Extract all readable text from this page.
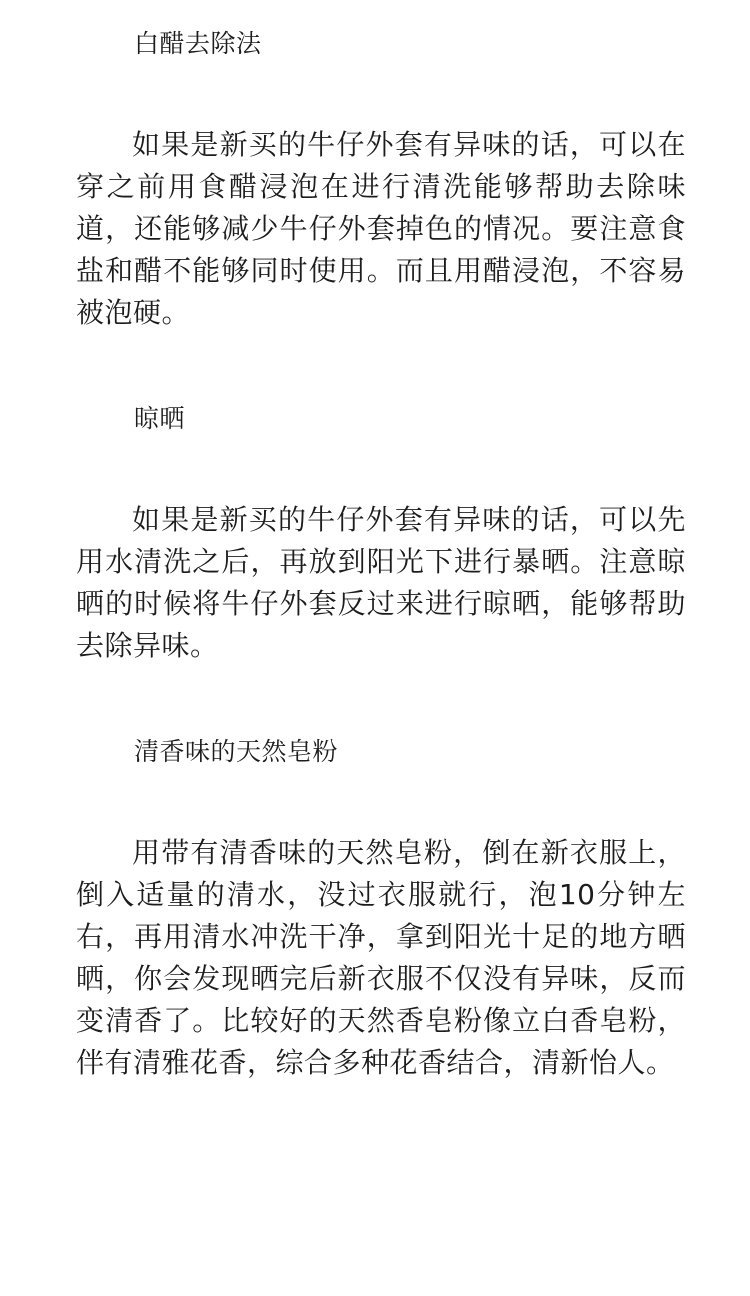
白醋去除法

如果是新买的牛仔外套有异味的话，可以在穿之前用食醋浸泡在进行清洗能够帮助去除味道，还能够减少牛仔外套掉色的情况。要注意食盐和醋不能够同时使用。而且用醋浸泡，不容易被泡硬。

晾晒

如果是新买的牛仔外套有异味的话，可以先用水清洗之后，再放到阳光下进行暴晒。注意晾晒的时候将牛仔外套反过来进行晾晒，能够帮助去除异味。

清香味的天然皂粉

用带有清香味的天然皂粉，倒在新衣服上，倒入适量的清水，没过衣服就行，泡10分钟左右，再用清水冲洗干净，拿到阳光十足的地方晒晒，你会发现晒完后新衣服不仅没有异味，反而变清香了。比较好的天然香皂粉像立白香皂粉，伴有清雅花香，综合多种花香结合，清新怡人。
